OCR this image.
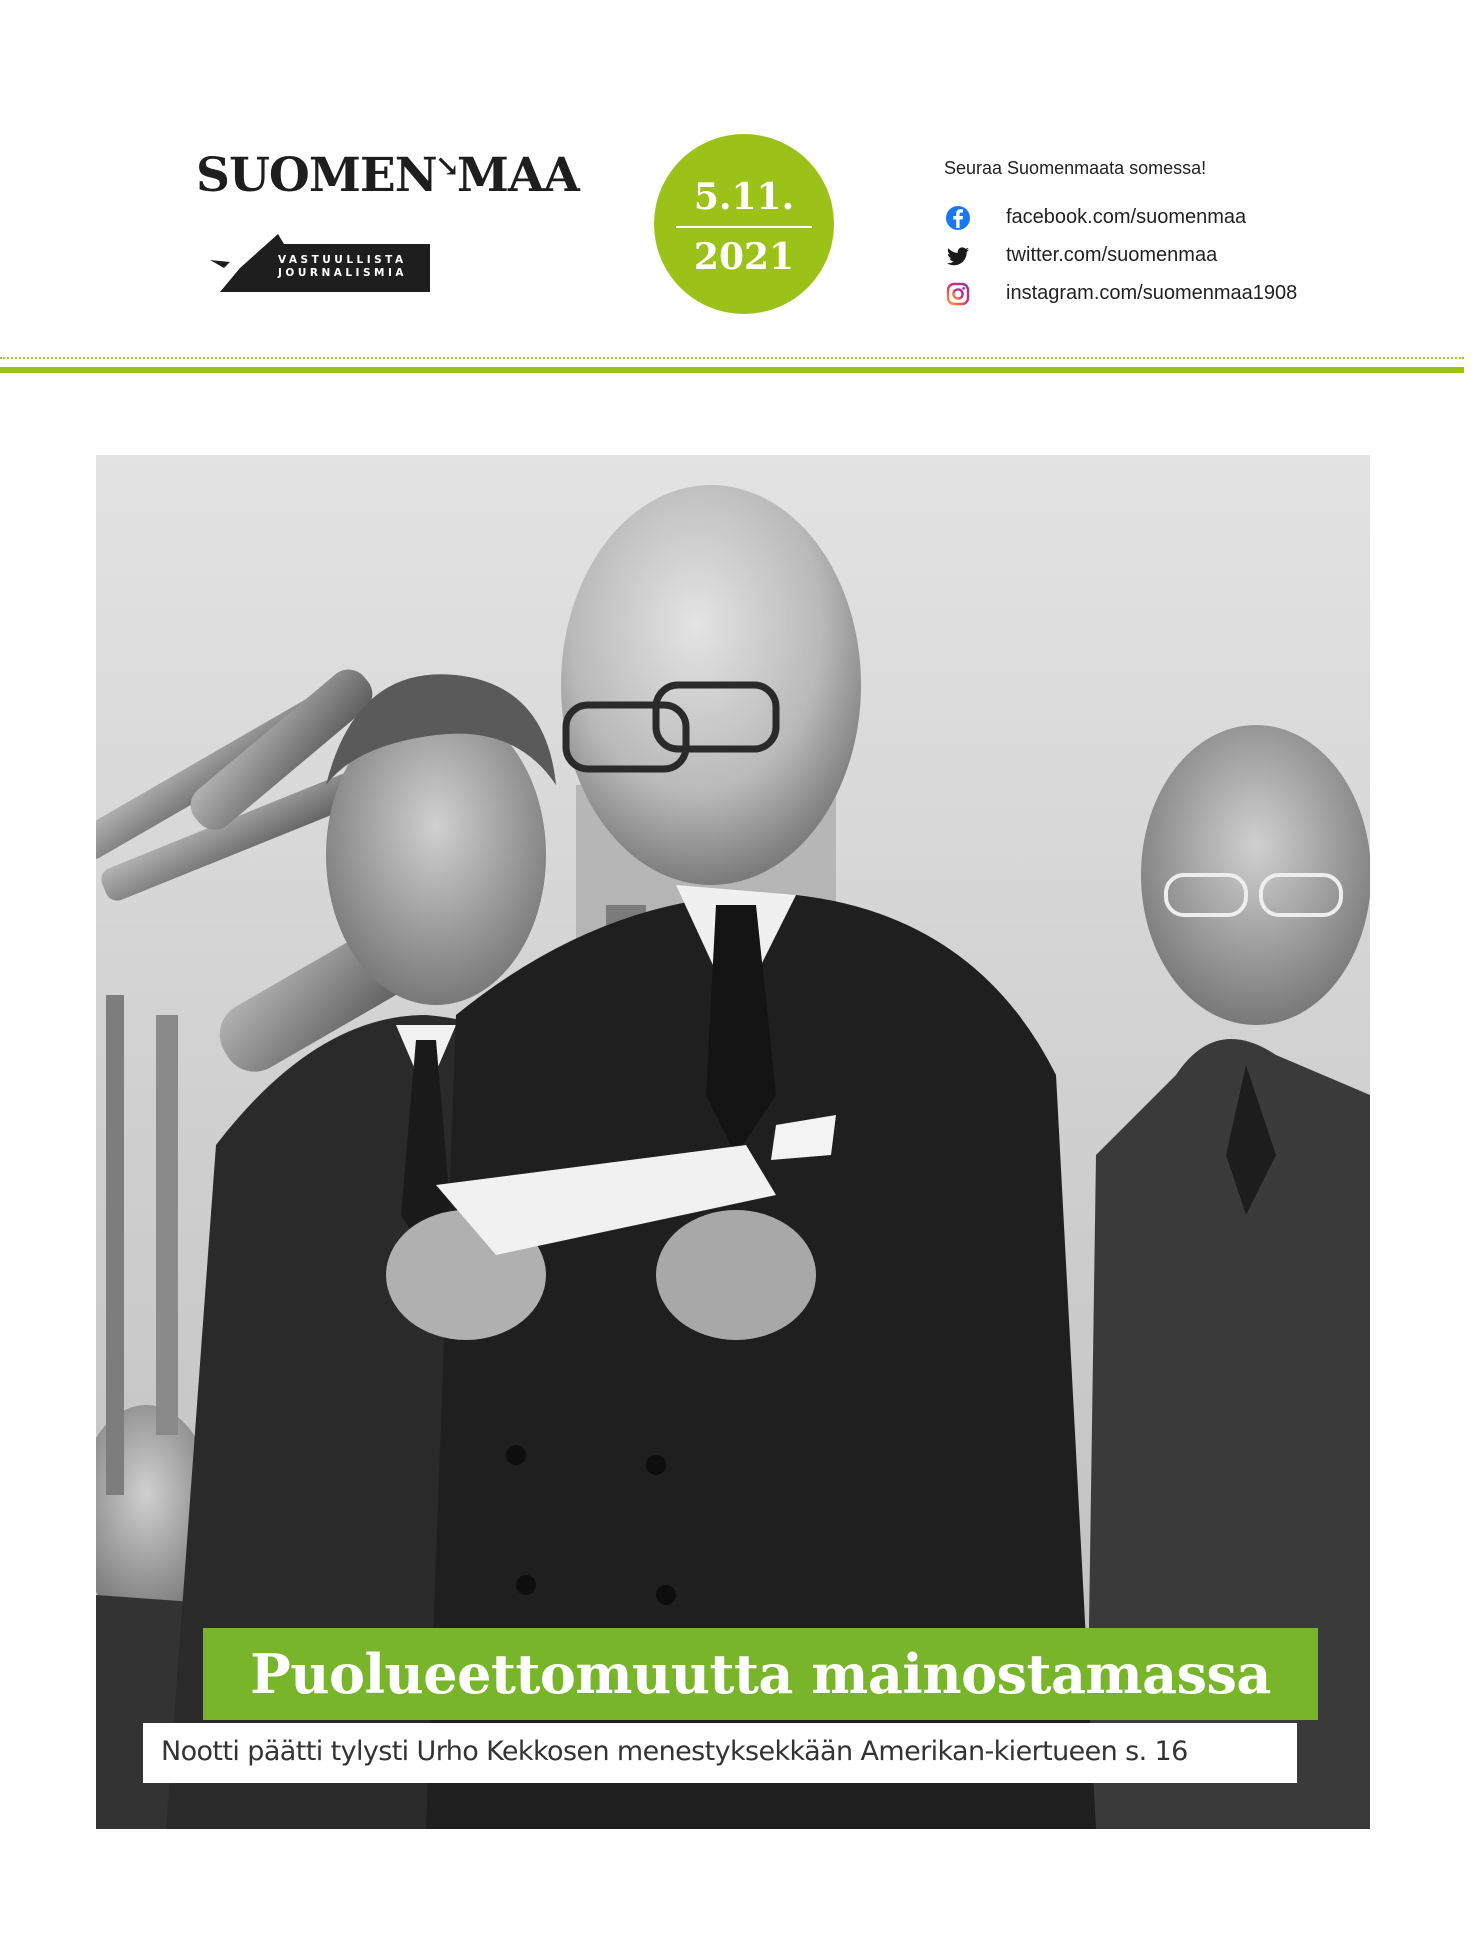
SUOMEN↘MAA
VASTUULLISTA
JOURNALISMIA
5.11.
2021
Seuraa Suomenmaata somessa!
facebook.com/suomenmaa
twitter.com/suomenmaa
instagram.com/suomenmaa1908
Puolueettomuutta mainostamassa
Nootti päätti tylysti Urho Kekkosen menestyksekkään Amerikan-kiertueen s. 16
